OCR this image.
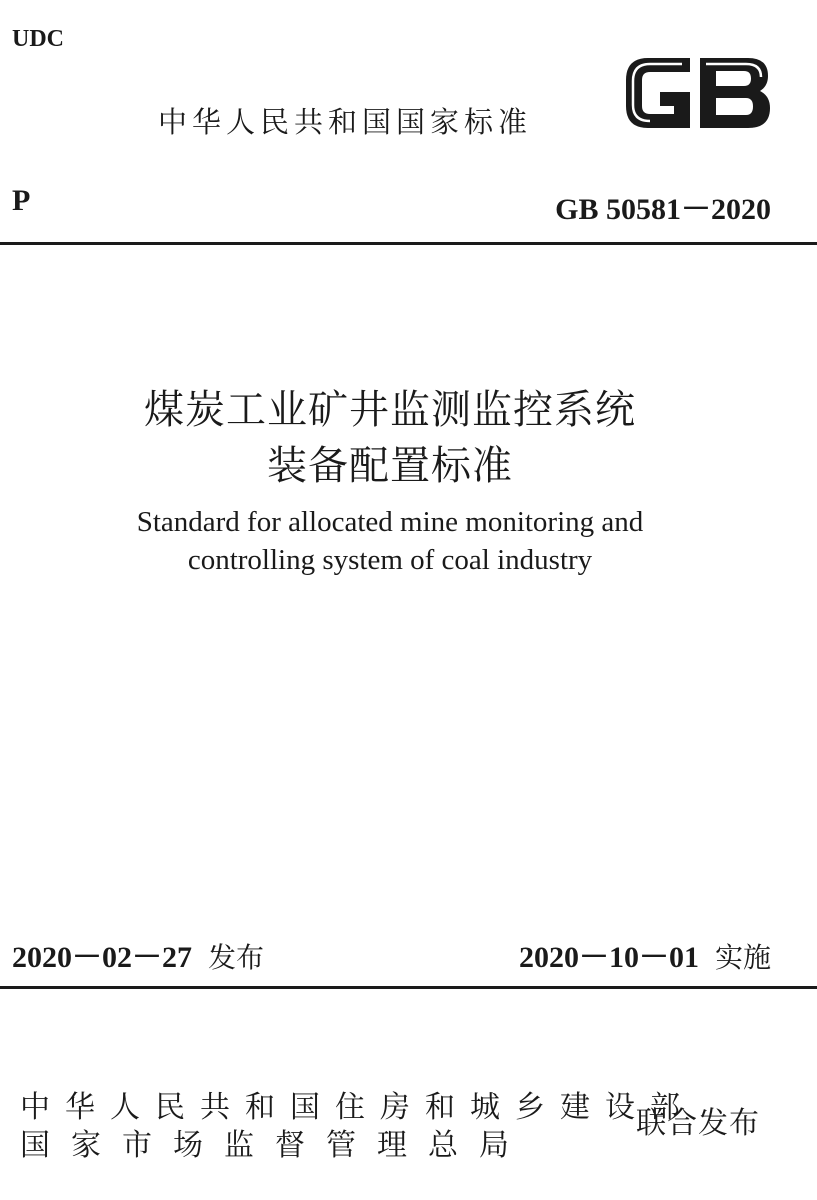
UDC
中华人民共和国国家标准
P	GB 50581－2020
煤炭工业矿井监测监控系统
装备配置标准
Standard for allocated mine monitoring and
controlling system of coal industry
2020－02－27 发布	2020－10－01 实施
中华人民共和国住房和城乡建设部
国家市场监督管理总局
联合发布
